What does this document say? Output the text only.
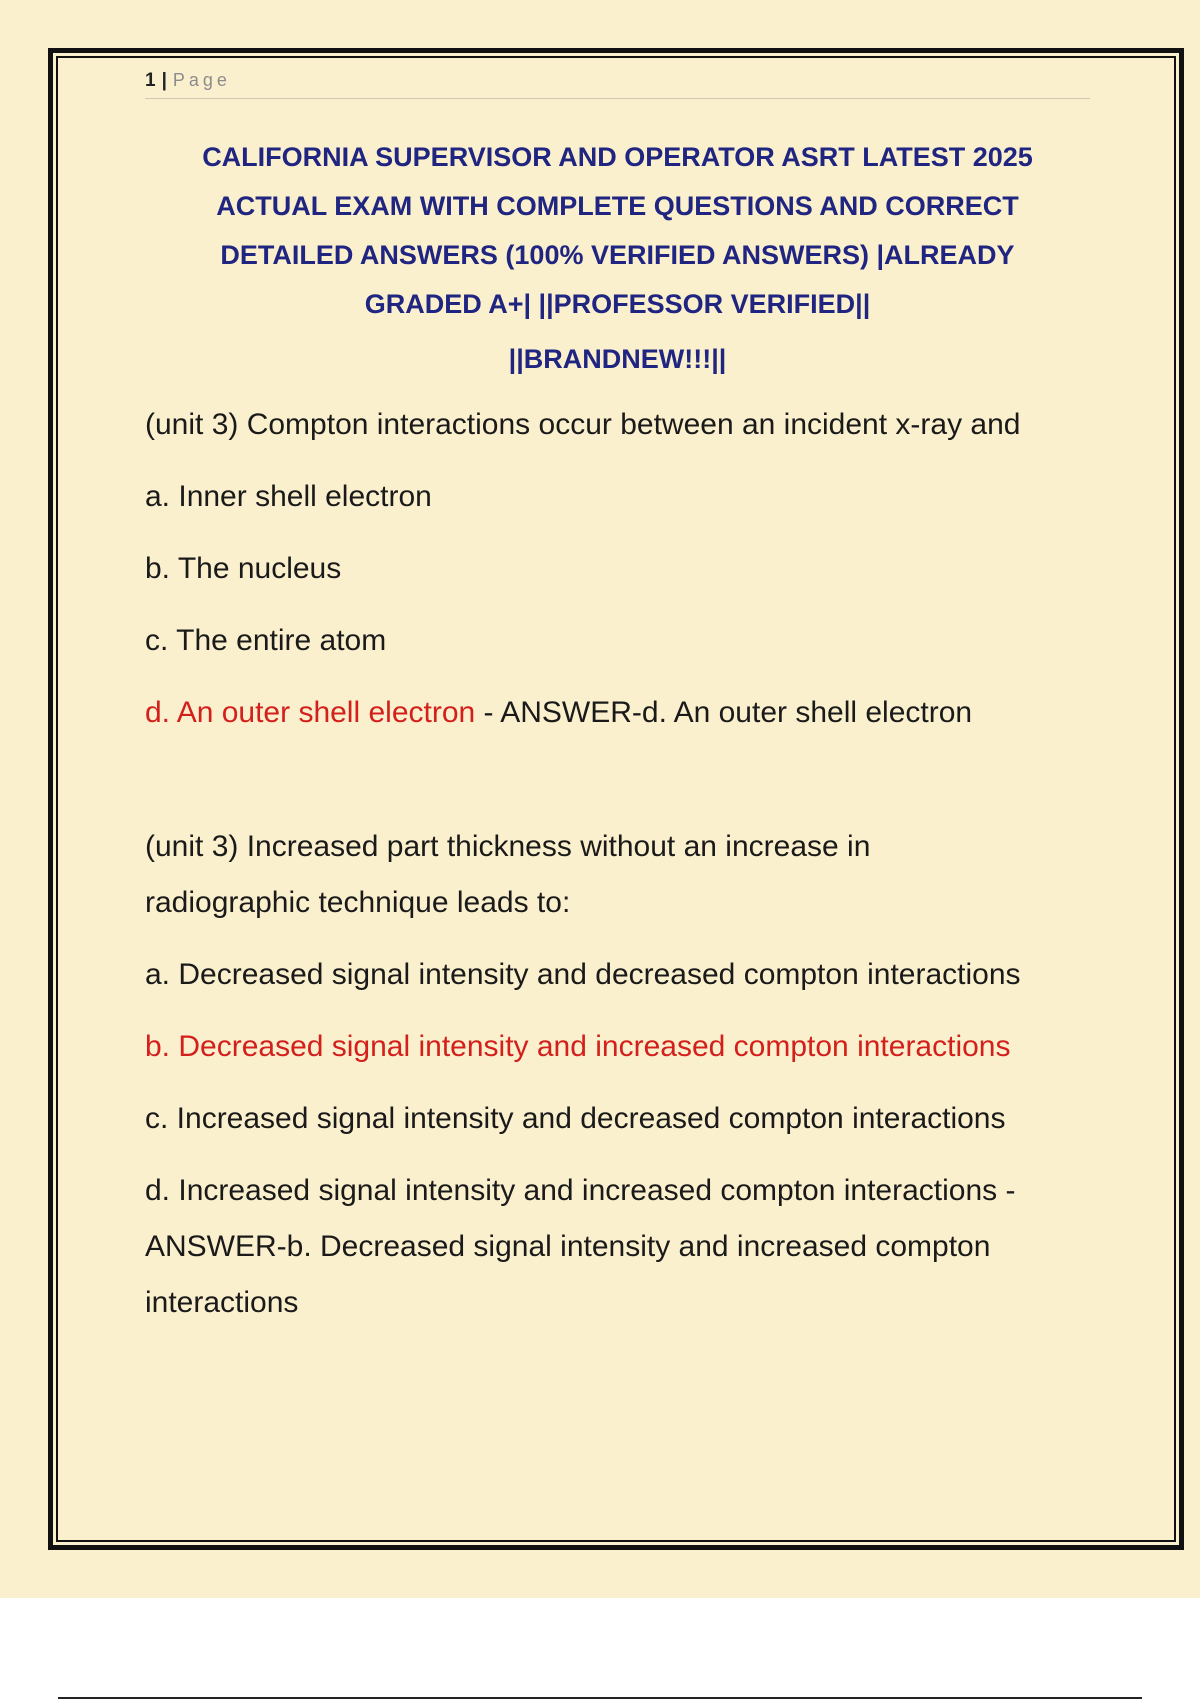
1 | Page
CALIFORNIA SUPERVISOR AND OPERATOR ASRT LATEST 2025
ACTUAL EXAM WITH COMPLETE QUESTIONS AND CORRECT
DETAILED ANSWERS (100% VERIFIED ANSWERS) |ALREADY
GRADED A+| ||PROFESSOR VERIFIED||
||BRANDNEW!!!||
(unit 3) Compton interactions occur between an incident x-ray and
a. Inner shell electron
b. The nucleus
c. The entire atom
d. An outer shell electron - ANSWER-d. An outer shell electron
(unit 3) Increased part thickness without an increase in
radiographic technique leads to:
a. Decreased signal intensity and decreased compton interactions
b. Decreased signal intensity and increased compton interactions
c. Increased signal intensity and decreased compton interactions
d. Increased signal intensity and increased compton interactions -
ANSWER-b. Decreased signal intensity and increased compton
interactions
